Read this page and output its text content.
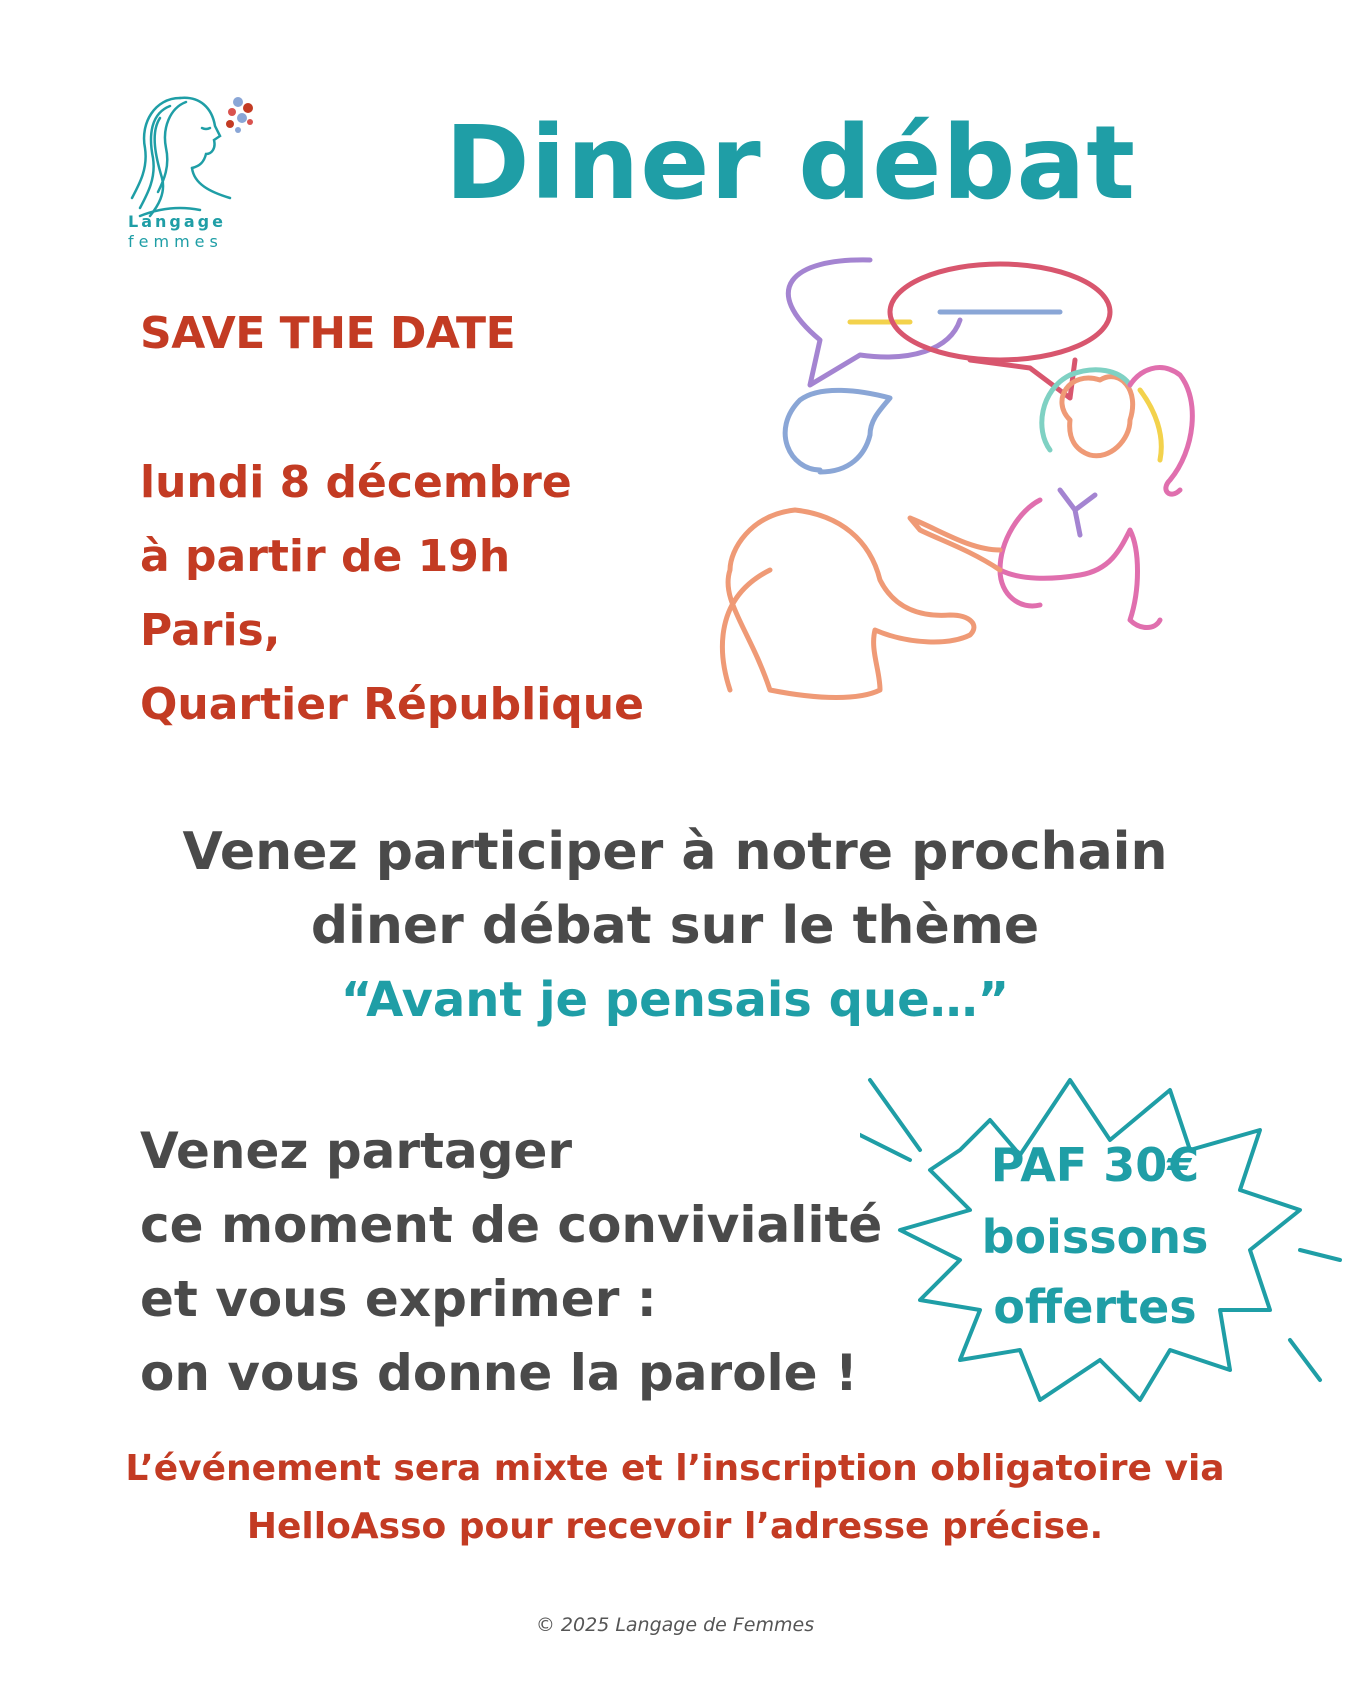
Langage
femmes
Diner débat
SAVE THE DATE
lundi 8 décembre
à partir de 19h
Paris,
Quartier République
Venez participer à notre prochain
diner débat sur le thème
“Avant je pensais que…”
Venez partager
ce moment de convivialité
et vous exprimer :
on vous donne la parole !
PAF 30€
boissons
offertes
L’événement sera mixte et l’inscription obligatoire via
HelloAsso pour recevoir l’adresse précise.
© 2025 Langage de Femmes
